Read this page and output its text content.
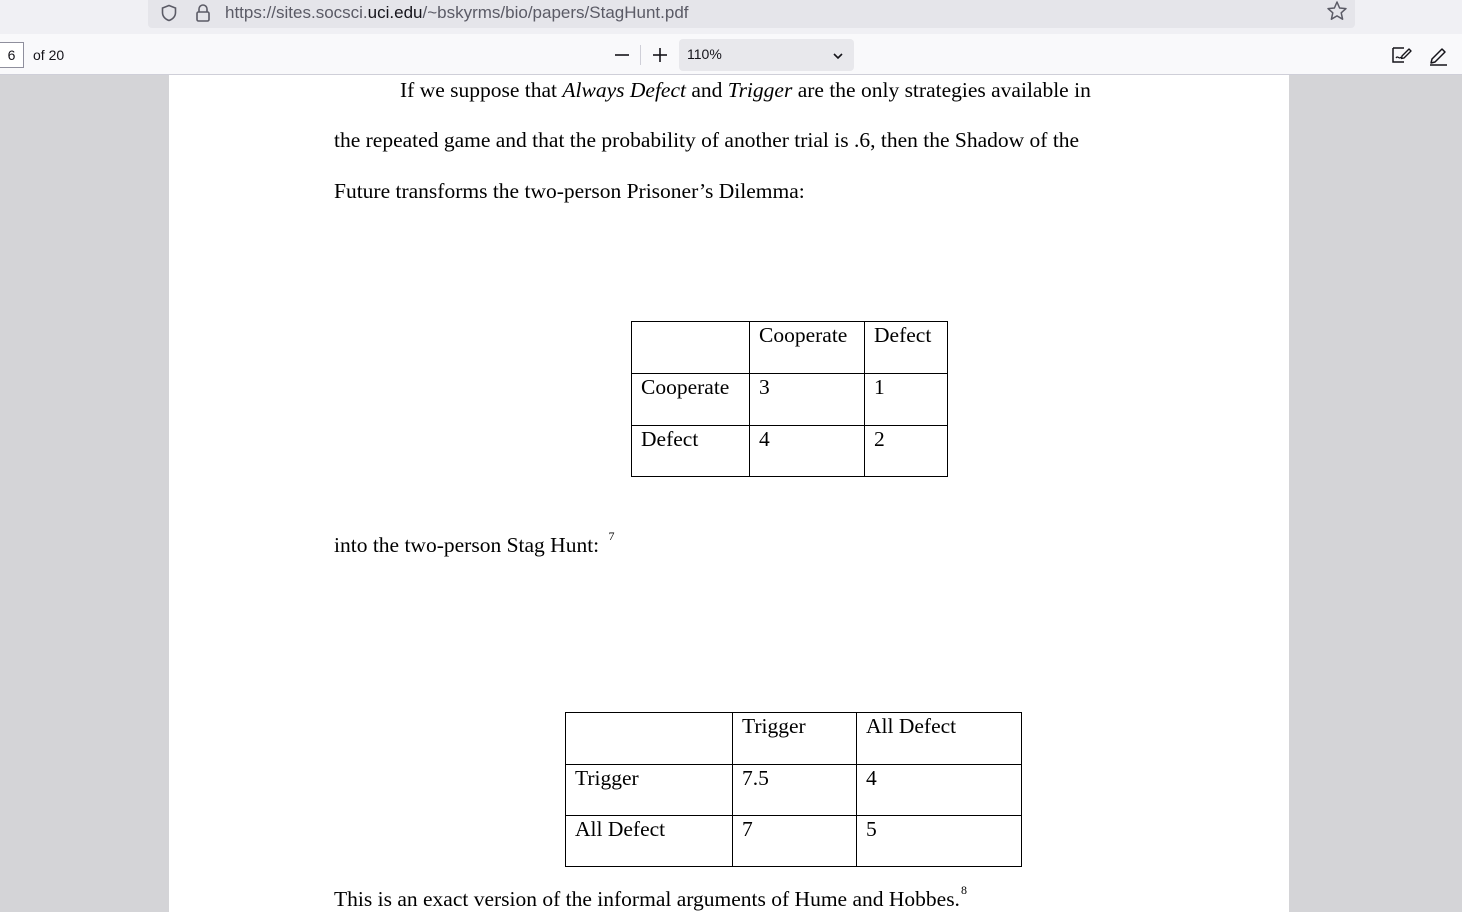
https://sites.socsci.uci.edu/~bskyrms/bio/papers/StagHunt.pdf
6	of 20	110%
If we suppose that Always Defect and Trigger are the only strategies available in
the repeated game and that the probability of another trial is .6, then the Shadow of the
Future transforms the two-person Prisoner’s Dilemma:
	Cooperate	Defect
Cooperate	3	1
Defect	4	2
into the two-person Stag Hunt: $^7$
	Trigger	All Defect
Trigger	7.5	4
All Defect	7	5
This is an exact version of the informal arguments of Hume and Hobbes.$^8$
